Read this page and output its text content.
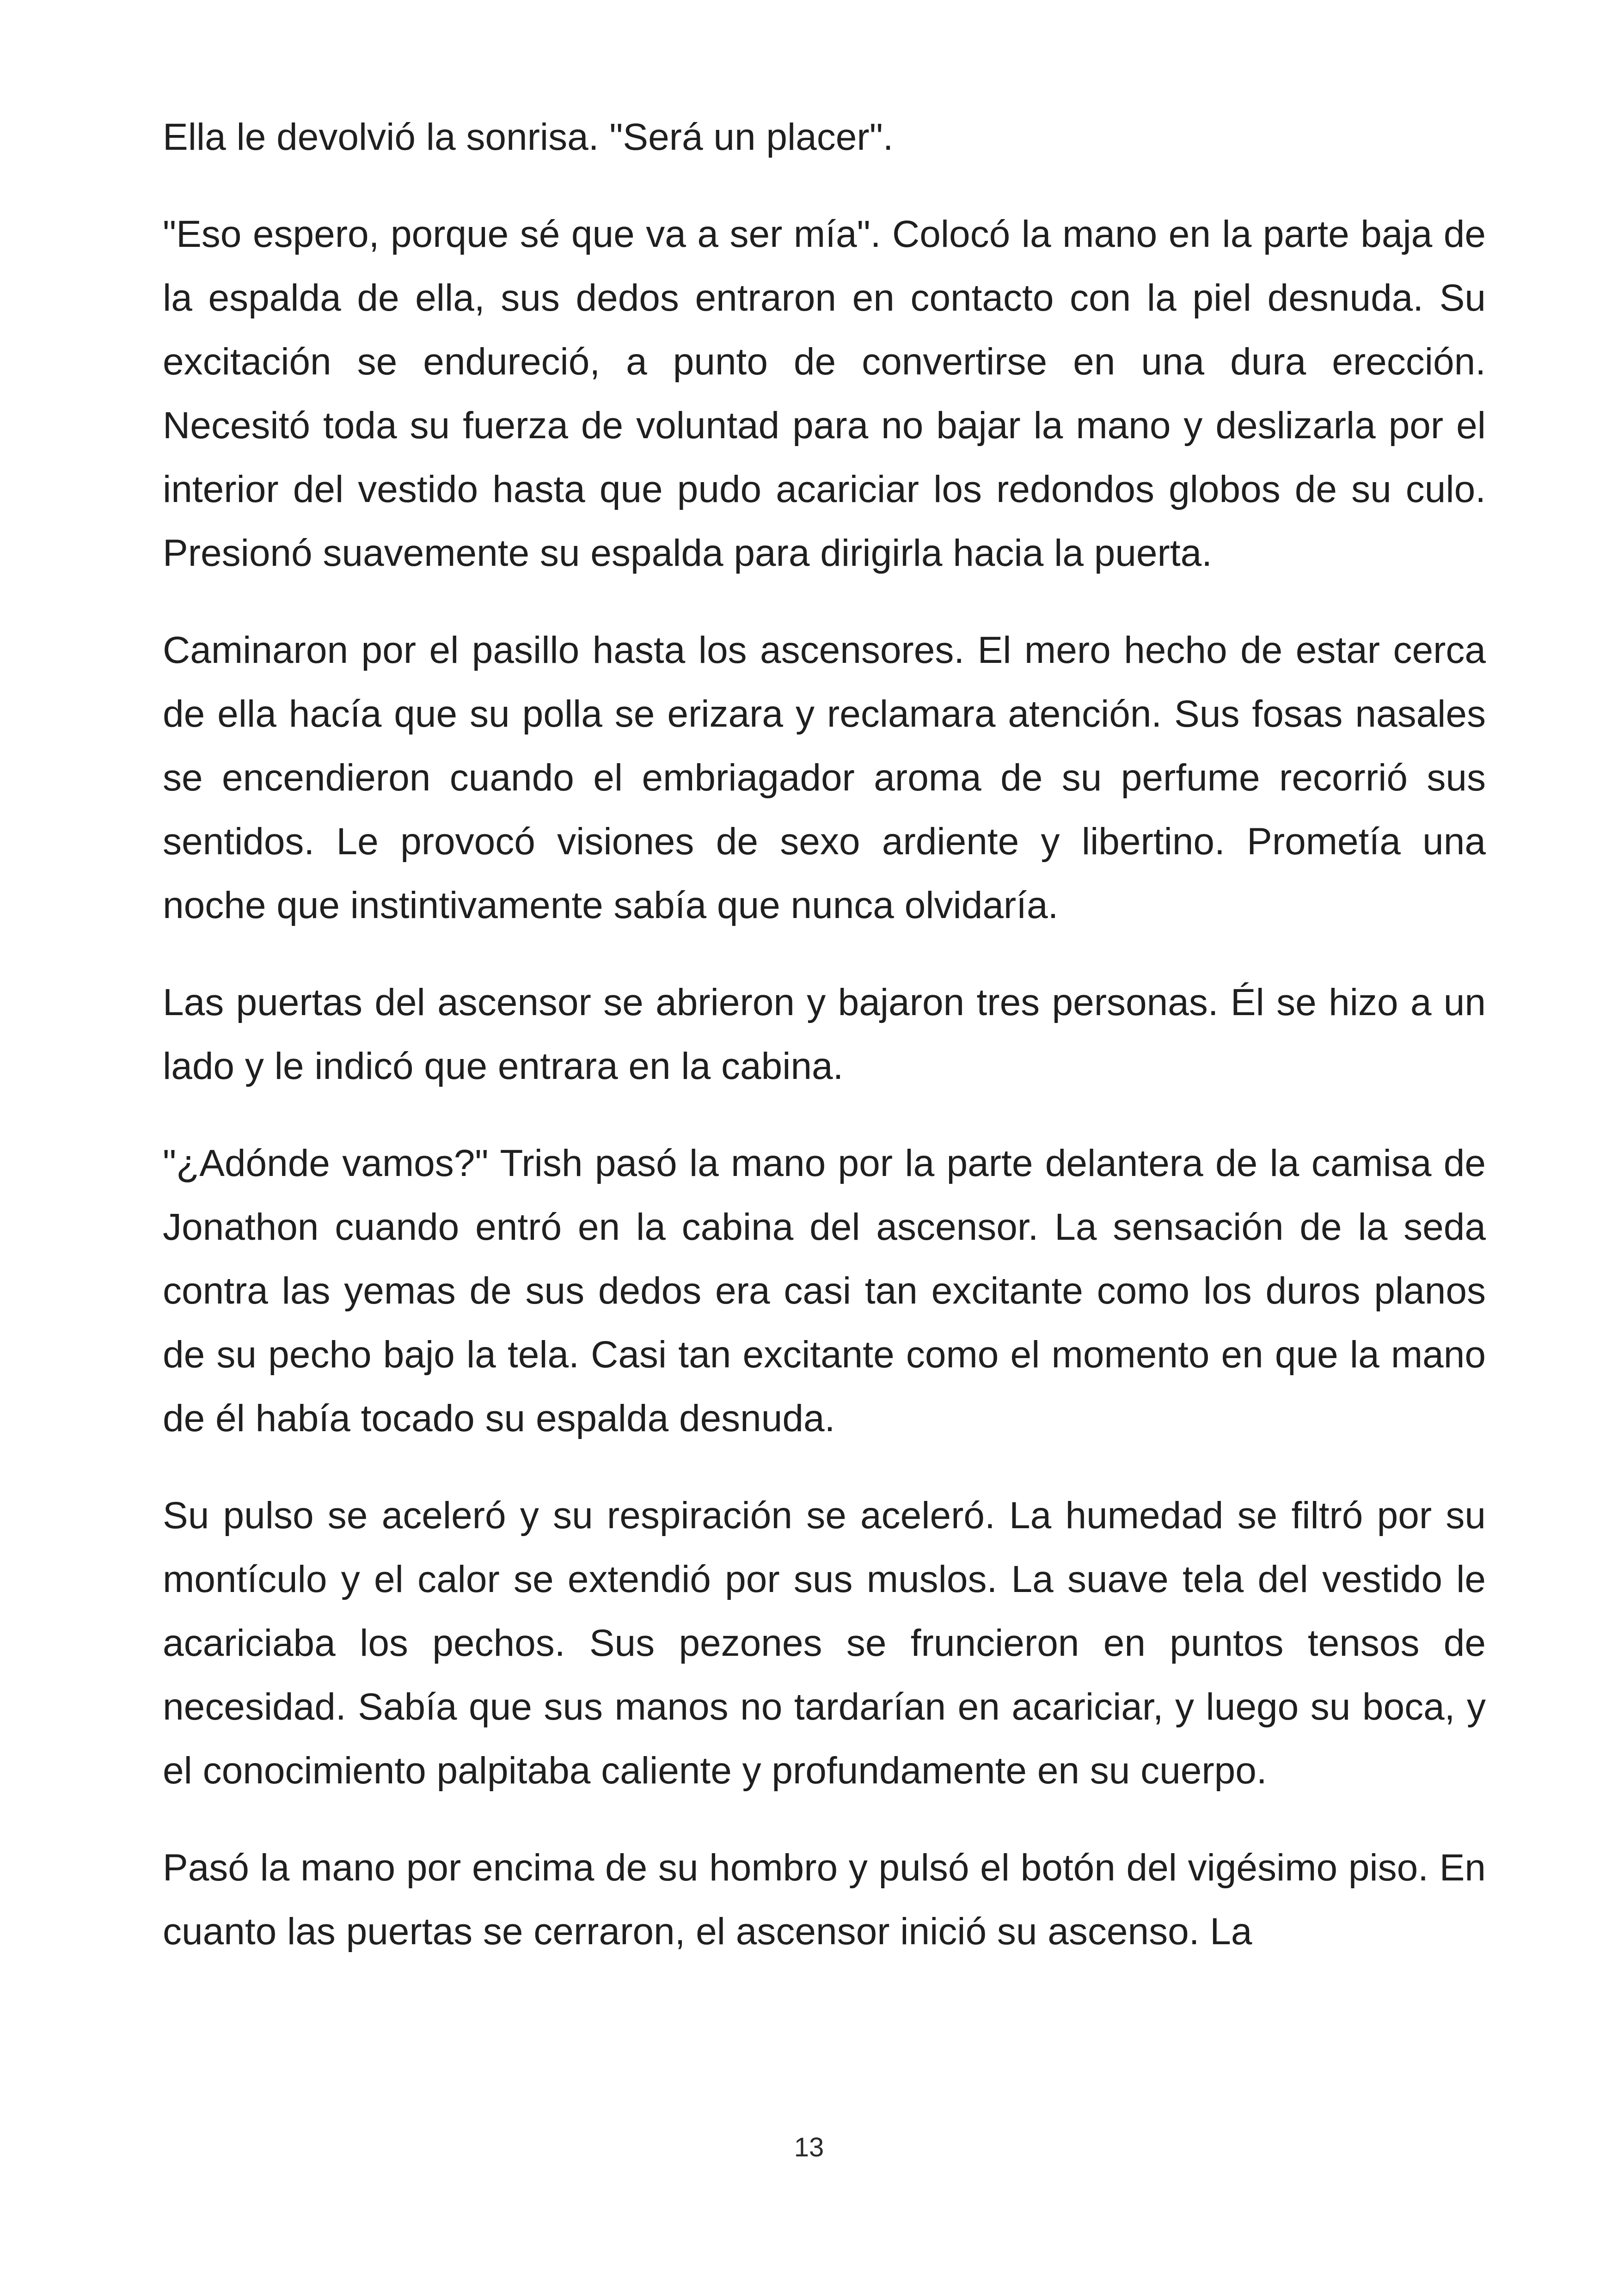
Ella le devolvió la sonrisa. "Será un placer".

"Eso espero, porque sé que va a ser mía". Colocó la mano en la parte baja de la espalda de ella, sus dedos entraron en contacto con la piel desnuda. Su excitación se endureció, a punto de convertirse en una dura erección. Necesitó toda su fuerza de voluntad para no bajar la mano y deslizarla por el interior del vestido hasta que pudo acariciar los redondos globos de su culo. Presionó suavemente su espalda para dirigirla hacia la puerta.

Caminaron por el pasillo hasta los ascensores. El mero hecho de estar cerca de ella hacía que su polla se erizara y reclamara atención. Sus fosas nasales se encendieron cuando el embriagador aroma de su perfume recorrió sus sentidos. Le provocó visiones de sexo ardiente y libertino. Prometía una noche que instintivamente sabía que nunca olvidaría.

Las puertas del ascensor se abrieron y bajaron tres personas. Él se hizo a un lado y le indicó que entrara en la cabina.

"¿Adónde vamos?" Trish pasó la mano por la parte delantera de la camisa de Jonathon cuando entró en la cabina del ascensor. La sensación de la seda contra las yemas de sus dedos era casi tan excitante como los duros planos de su pecho bajo la tela. Casi tan excitante como el momento en que la mano de él había tocado su espalda desnuda.

Su pulso se aceleró y su respiración se aceleró. La humedad se filtró por su montículo y el calor se extendió por sus muslos. La suave tela del vestido le acariciaba los pechos. Sus pezones se fruncieron en puntos tensos de necesidad. Sabía que sus manos no tardarían en acariciar, y luego su boca, y el conocimiento palpitaba caliente y profundamente en su cuerpo.

Pasó la mano por encima de su hombro y pulsó el botón del vigésimo piso. En cuanto las puertas se cerraron, el ascensor inició su ascenso. La

13
